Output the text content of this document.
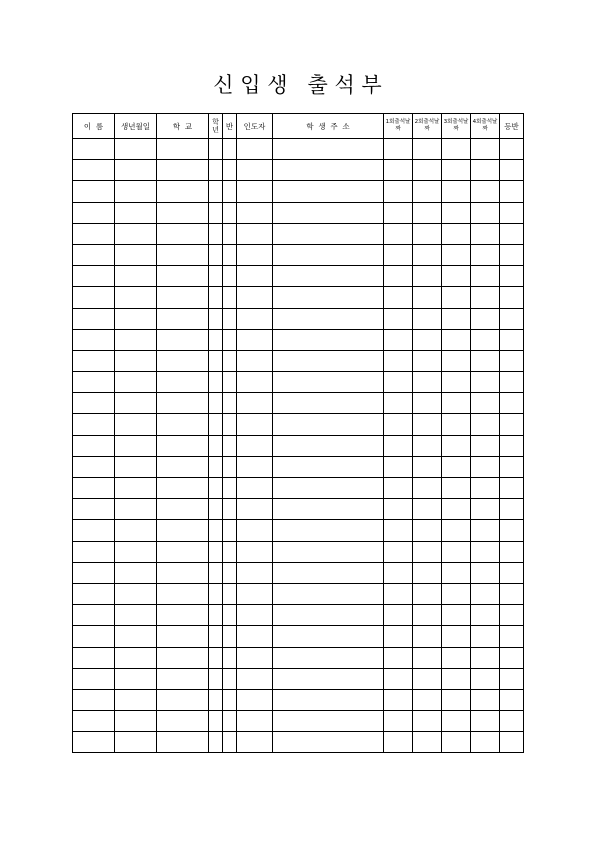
신 입 생   출 석 부
이  름	생년월일	학  교	학년	반	인도자	학  생  주  소	1회출석날짜	2회출석날짜	3회출석날짜	4회출석날짜	등반
